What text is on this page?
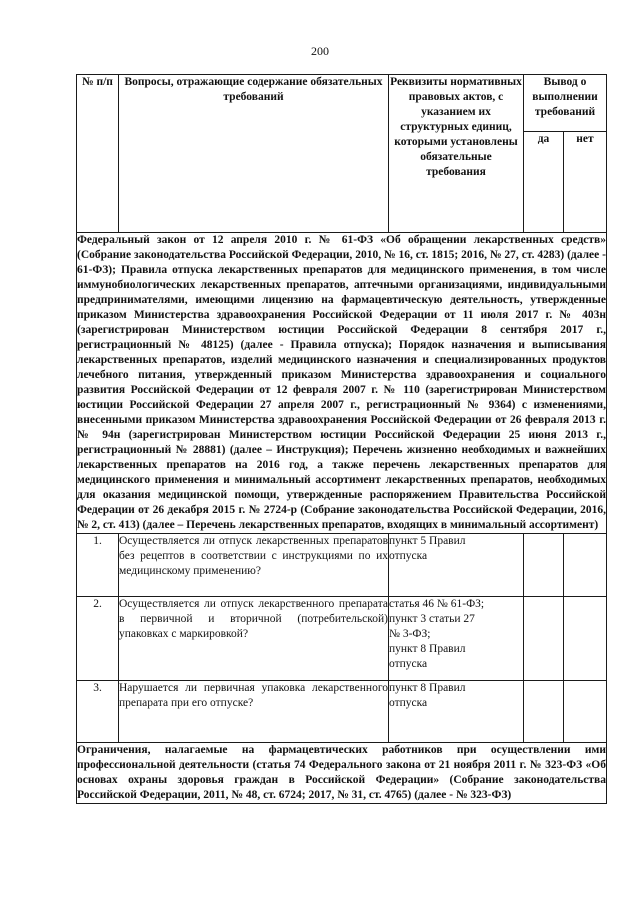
200
№ п/п	Вопросы, отражающие содержание обязательных требований	Реквизиты нормативных правовых актов, с указанием их структурных единиц, которыми установлены обязательные требования	Вывод о выполнении требований	
			да	нет
Федеральный закон от 12 апреля 2010 г. № 61-ФЗ «Об обращении лекарственных средств» (Собрание законодательства Российской Федерации, 2010, № 16, ст. 1815; 2016, № 27, ст. 4283) (далее - 61-ФЗ); Правила отпуска лекарственных препаратов для медицинского применения, в том числе иммунобиологических лекарственных препаратов, аптечными организациями, индивидуальными предпринимателями, имеющими лицензию на фармацевтическую деятельность, утвержденные приказом Министерства здравоохранения Российской Федерации от 11 июля 2017 г. № 403н (зарегистрирован Министерством юстиции Российской Федерации 8 сентября 2017 г., регистрационный № 48125) (далее - Правила отпуска); Порядок назначения и выписывания лекарственных препаратов, изделий медицинского назначения и специализированных продуктов лечебного питания, утвержденный приказом Министерства здравоохранения и социального развития Российской Федерации от 12 февраля 2007 г. № 110 (зарегистрирован Министерством юстиции Российской Федерации 27 апреля 2007 г., регистрационный № 9364) с изменениями, внесенными приказом Министерства здравоохранения Российской Федерации от 26 февраля 2013 г. № 94н (зарегистрирован Министерством юстиции Российской Федерации 25 июня 2013 г., регистрационный № 28881) (далее – Инструкция); Перечень жизненно необходимых и важнейших лекарственных препаратов на 2016 год, а также перечень лекарственных препаратов для медицинского применения и минимальный ассортимент лекарственных препаратов, необходимых для оказания медицинской помощи, утвержденные распоряжением Правительства Российской Федерации от 26 декабря 2015 г. № 2724-р (Собрание законодательства Российской Федерации, 2016, № 2, ст. 413) (далее – Перечень лекарственных препаратов, входящих в минимальный ассортимент)				
1.	Осуществляется ли отпуск лекарственных препаратов без рецептов в соответствии с инструкциями по их медицинскому применению?	пункт 5 Правил
отпуска		

2.	Осуществляется ли отпуск лекарственного препарата в первичной и вторичной (потребительской) упаковках с маркировкой?	статья 46 № 61-ФЗ;
пункт 3 статьи 27
№ 3-ФЗ;
пункт 8 Правил
отпуска		

3.	Нарушается ли первичная упаковка лекарственного препарата при его отпуске?	пункт 8 Правил
отпуска		

Ограничения, налагаемые на фармацевтических работников при осуществлении ими профессиональной деятельности (статья 74 Федерального закона от 21 ноября 2011 г. № 323-ФЗ «Об основах охраны здоровья граждан в Российской Федерации» (Собрание законодательства Российской Федерации, 2011, № 48, ст. 6724; 2017, № 31, ст. 4765) (далее - № 323-ФЗ)				
